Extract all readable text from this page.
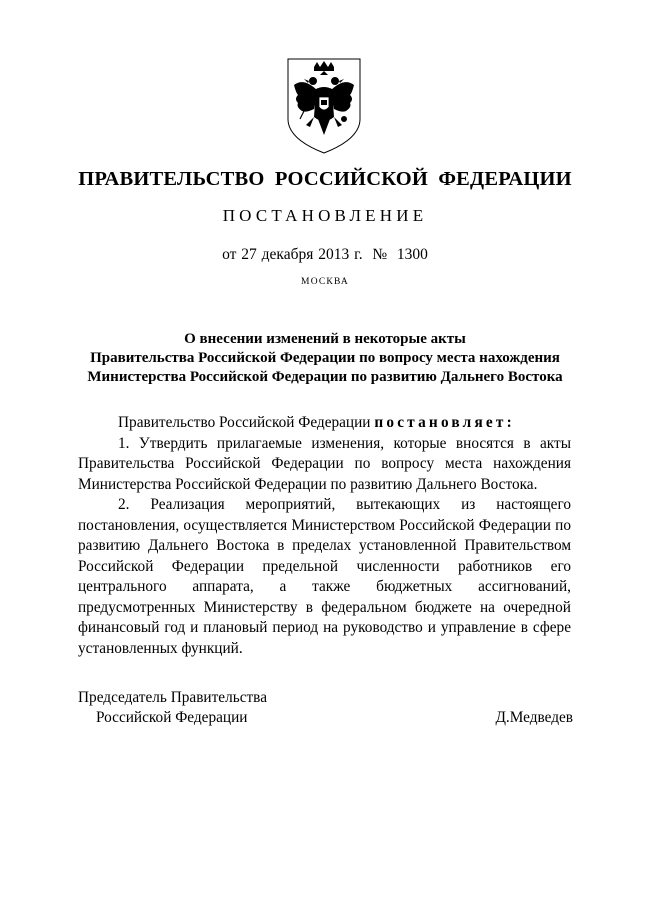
ПРАВИТЕЛЬСТВО РОССИЙСКОЙ ФЕДЕРАЦИИ
ПОСТАНОВЛЕНИЕ
от 27 декабря 2013 г.  №  1300
МОСКВА
О внесении изменений в некоторые акты
Правительства Российской Федерации по вопросу места нахождения
Министерства Российской Федерации по развитию Дальнего Востока

Правительство Российской Федерации постановляет:

1. Утвердить прилагаемые изменения, которые вносятся в акты Правительства Российской Федерации по вопросу места нахождения Министерства Российской Федерации по развитию Дальнего Востока.

2. Реализация мероприятий, вытекающих из настоящего постановления, осуществляется Министерством Российской Федерации по развитию Дальнего Востока в пределах установленной Правительством Российской Федерации предельной численности работников его центрального аппарата, а также бюджетных ассигнований, предусмотренных Министерству в федеральном бюджете на очередной финансовый год и плановый период на руководство и управление в сфере установленных функций.

Председатель Правительства
Российской Федерации	Д.Медведев
